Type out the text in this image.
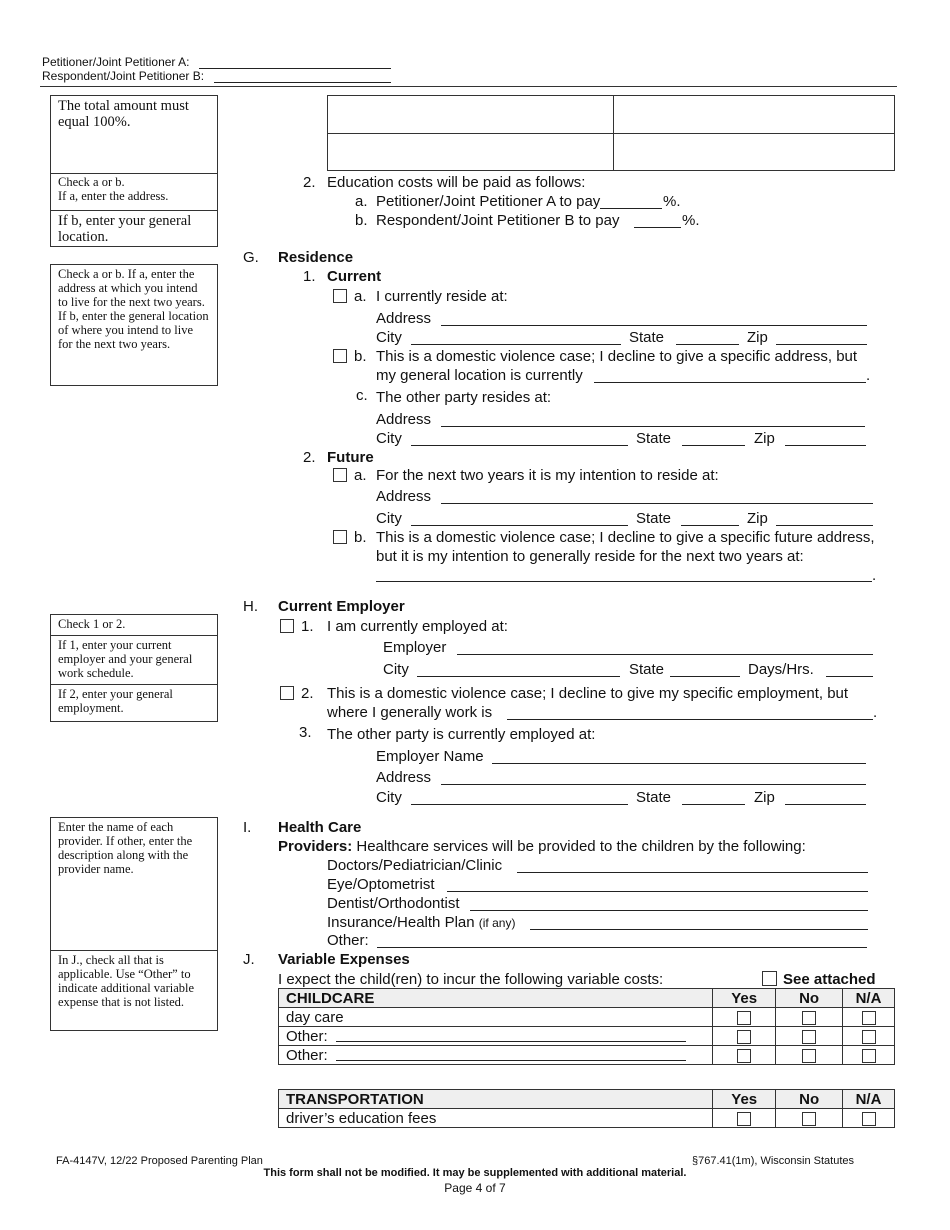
Petitioner/Joint Petitioner A:
Respondent/Joint Petitioner B:
The total amount must equal 100%.
Check a or b.
If a, enter the address.
If b, enter your general location.
Check a or b. If a, enter the address at which you intend to live for the next two years.
If b, enter the general location of where you intend to live for the next two years.
Check 1 or 2.
If 1, enter your current employer and your general work schedule.
If 2, enter your general employment.
Enter the name of each provider. If other, enter the description along with the provider name.
In J., check all that is applicable. Use “Other” to indicate additional variable expense that is not listed.
2. Education costs will be paid as follows:
a. Petitioner/Joint Petitioner A to pay	%.
b. Respondent/Joint Petitioner B to pay	%.
G. Residence
1. Current
a. I currently reside at:
Address
City	State	Zip
b. This is a domestic violence case; I decline to give a specific address, but
my general location is currently	.
c. The other party resides at:
Address
City	State	Zip
2. Future
a. For the next two years it is my intention to reside at:
Address
City	State	Zip
b. This is a domestic violence case; I decline to give a specific future address,
but it is my intention to generally reside for the next two years at:
.
H. Current Employer
1. I am currently employed at:
Employer
City	State	Days/Hrs.
2. This is a domestic violence case; I decline to give my specific employment, but
where I generally work is	.
3. The other party is currently employed at:
Employer Name
Address
City	State	Zip
I. Health Care
Providers: Healthcare services will be provided to the children by the following:
Doctors/Pediatrician/Clinic
Eye/Optometrist
Dentist/Orthodontist
Insurance/Health Plan (if any)
Other:
J. Variable Expenses
I expect the child(ren) to incur the following variable costs:	See attached
CHILDCARE	Yes	No	N/A
day care			
Other:

Other:

TRANSPORTATION	Yes	No	N/A
driver’s education fees			
FA-4147V, 12/22 Proposed Parenting Plan	§767.41(1m), Wisconsin Statutes
This form shall not be modified. It may be supplemented with additional material.
Page 4 of 7
